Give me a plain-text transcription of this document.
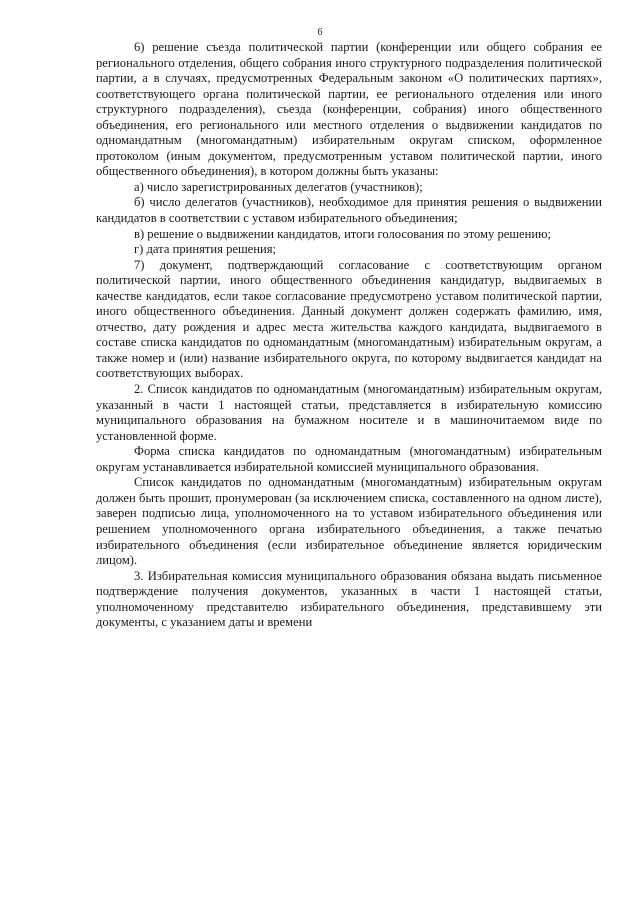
6

6) решение съезда политической партии (конференции или общего собрания ее регионального отделения, общего собрания иного структурного подразделения политической партии, а в случаях, предусмотренных Федеральным законом «О политических партиях», соответствующего органа политической партии, ее регионального отделения или иного структурного подразделения), съезда (конференции, собрания) иного общественного объединения, его регионального или местного отделения о выдвижении кандидатов по одномандатным (многомандатным) избирательным округам списком, оформленное протоколом (иным документом, предусмотренным уставом политической партии, иного общественного объединения), в котором должны быть указаны:

а) число зарегистрированных делегатов (участников);

б) число делегатов (участников), необходимое для принятия решения о выдвижении кандидатов в соответствии с уставом избирательного объединения;

в) решение о выдвижении кандидатов, итоги голосования по этому решению;

г) дата принятия решения;

7) документ, подтверждающий согласование с соответствующим органом политической партии, иного общественного объединения кандидатур, выдвигаемых в качестве кандидатов, если такое согласование предусмотрено уставом политической партии, иного общественного объединения. Данный документ должен содержать фамилию, имя, отчество, дату рождения и адрес места жительства каждого кандидата, выдвигаемого в составе списка кандидатов по одномандатным (многомандатным) избирательным округам, а также номер и (или) название избирательного округа, по которому выдвигается кандидат на соответствующих выборах.

2. Список кандидатов по одномандатным (многомандатным) избирательным округам, указанный в части 1 настоящей статьи, представляется в избирательную комиссию муниципального образования на бумажном носителе и в машиночитаемом виде по установленной форме.

Форма списка кандидатов по одномандатным (многомандатным) избирательным округам устанавливается избирательной комиссией муниципального образования.

Список кандидатов по одномандатным (многомандатным) избирательным округам должен быть прошит, пронумерован (за исключением списка, составленного на одном листе), заверен подписью лица, уполномоченного на то уставом избирательного объединения или решением уполномоченного органа избирательного объединения, а также печатью избирательного объединения (если избирательное объединение является юридическим лицом).

3. Избирательная комиссия муниципального образования обязана выдать письменное подтверждение получения документов, указанных в части 1 настоящей статьи, уполномоченному представителю избирательного объединения, представившему эти документы, с указанием даты и времени
